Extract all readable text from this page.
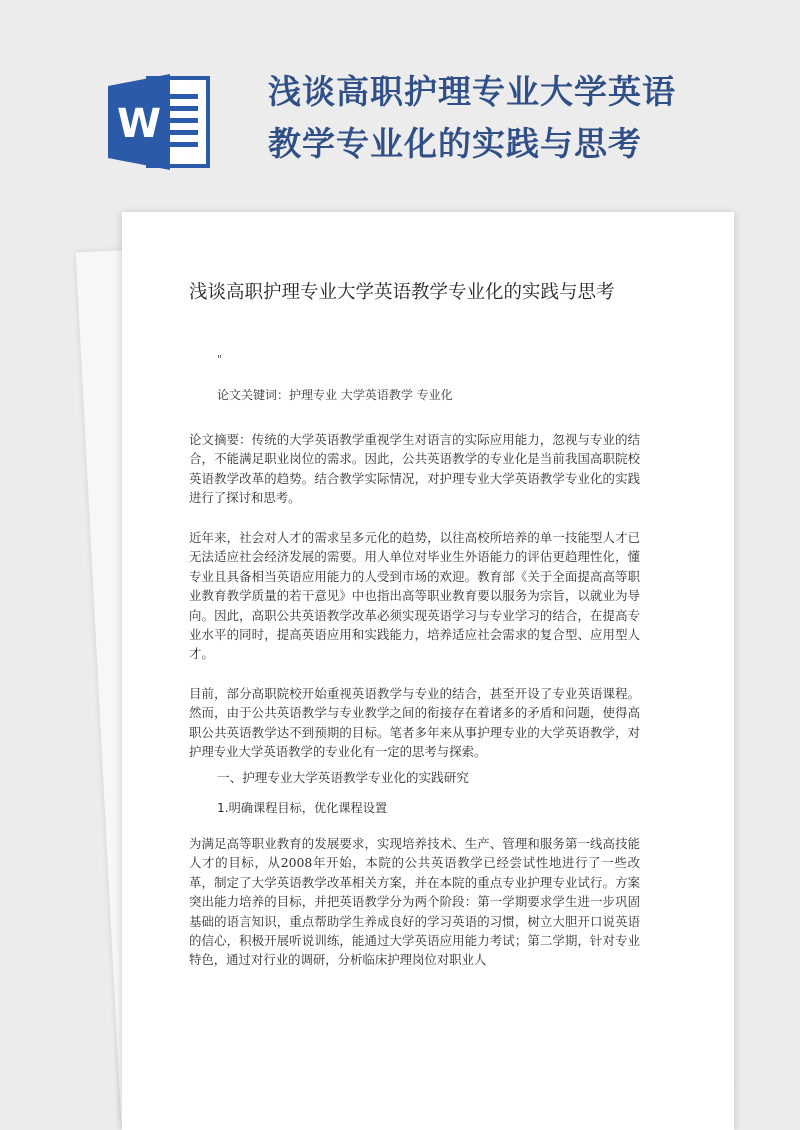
W
浅谈高职护理专业大学英语教学专业化的实践与思考
浅谈高职护理专业大学英语教学专业化的实践与思考
"
论文关键词：护理专业 大学英语教学 专业化
论文摘要：传统的大学英语教学重视学生对语言的实际应用能力，忽视与专业的结合，不能满足职业岗位的需求。因此，公共英语教学的专业化是当前我国高职院校英语教学改革的趋势。结合教学实际情况，对护理专业大学英语教学专业化的实践进行了探讨和思考。
近年来，社会对人才的需求呈多元化的趋势，以往高校所培养的单一技能型人才已无法适应社会经济发展的需要。用人单位对毕业生外语能力的评估更趋理性化，懂专业且具备相当英语应用能力的人受到市场的欢迎。教育部《关于全面提高高等职业教育教学质量的若干意见》中也指出高等职业教育要以服务为宗旨，以就业为导向。因此，高职公共英语教学改革必须实现英语学习与专业学习的结合，在提高专业水平的同时，提高英语应用和实践能力，培养适应社会需求的复合型、应用型人才。
目前，部分高职院校开始重视英语教学与专业的结合，甚至开设了专业英语课程。然而，由于公共英语教学与专业教学之间的衔接存在着诸多的矛盾和问题，使得高职公共英语教学达不到预期的目标。笔者多年来从事护理专业的大学英语教学，对护理专业大学英语教学的专业化有一定的思考与探索。
一、护理专业大学英语教学专业化的实践研究
1.明确课程目标，优化课程设置
为满足高等职业教育的发展要求，实现培养技术、生产、管理和服务第一线高技能人才的目标，从2008年开始，本院的公共英语教学已经尝试性地进行了一些改革，制定了大学英语教学改革相关方案，并在本院的重点专业护理专业试行。方案突出能力培养的目标，并把英语教学分为两个阶段：第一学期要求学生进一步巩固基础的语言知识，重点帮助学生养成良好的学习英语的习惯，树立大胆开口说英语的信心，积极开展听说训练，能通过大学英语应用能力考试；第二学期，针对专业特色，通过对行业的调研，分析临床护理岗位对职业人
